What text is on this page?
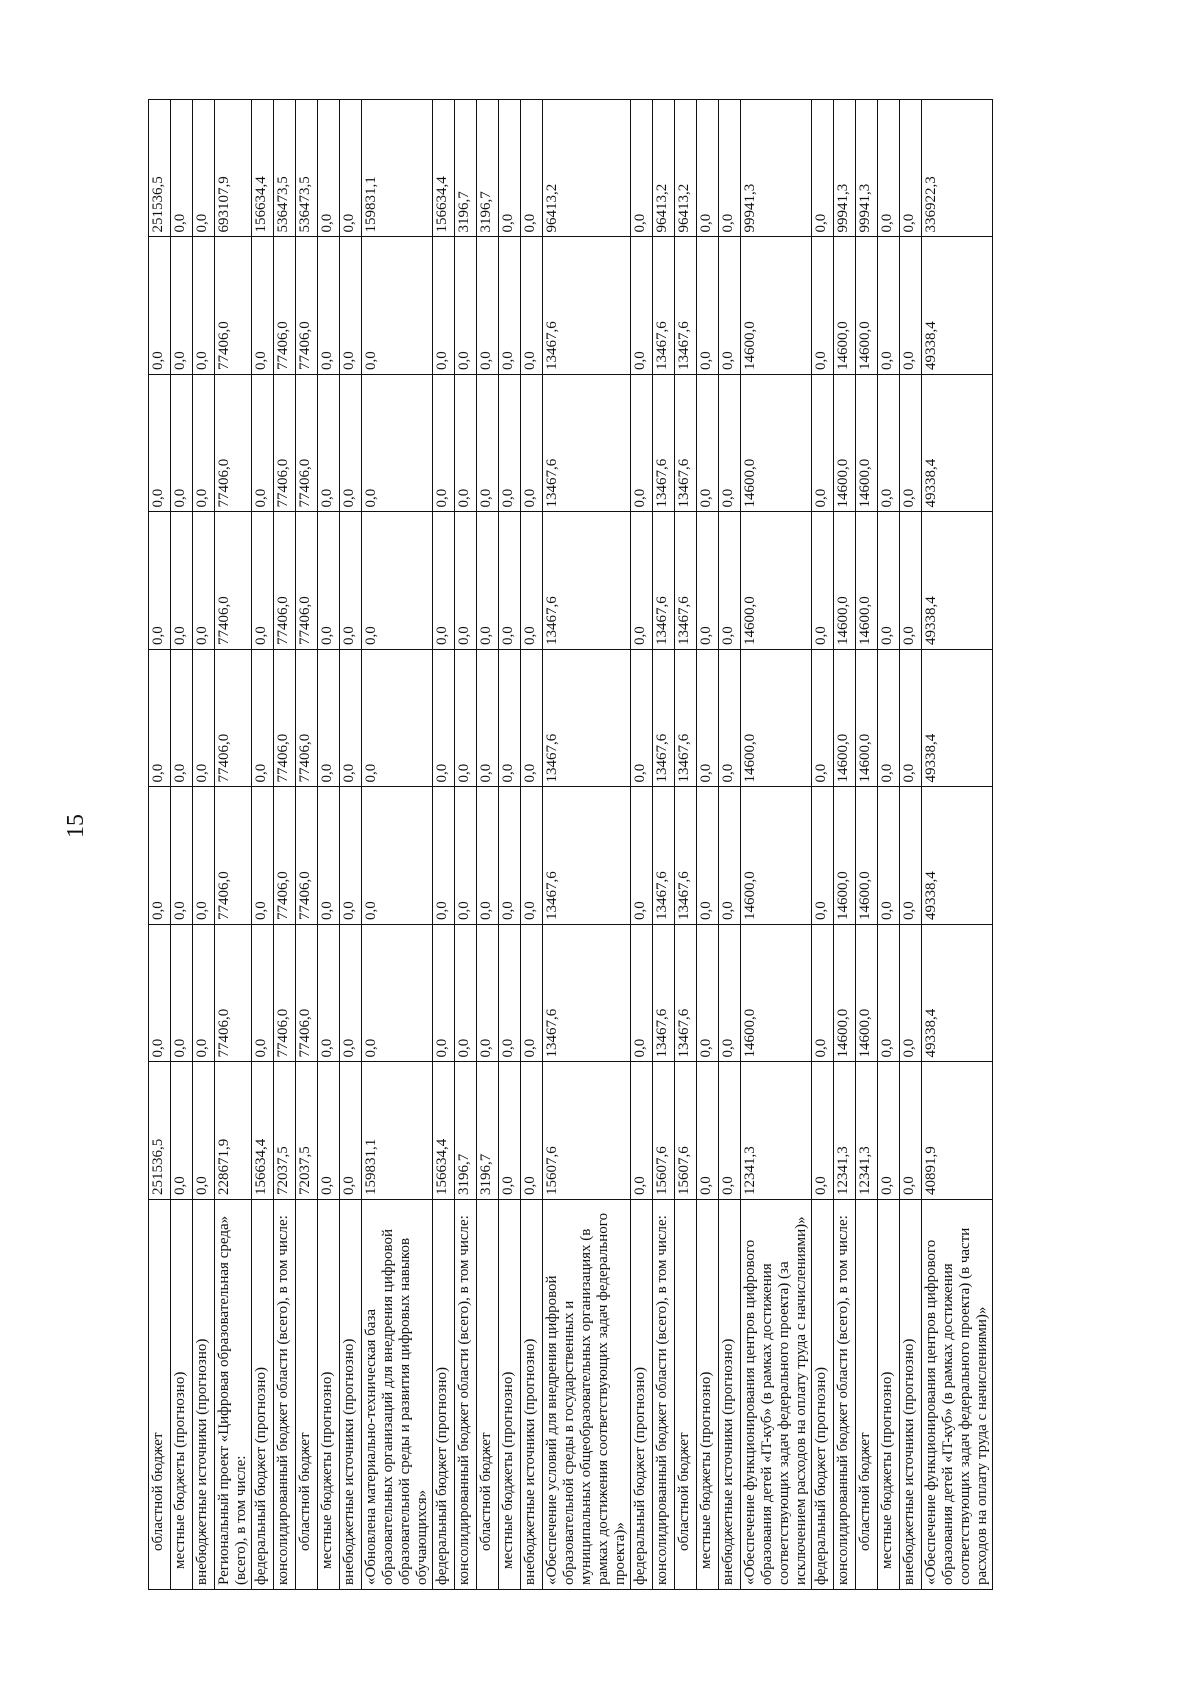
15
областной бюджет	251536,5	0,0	0,0	0,0	0,0	0,0	0,0	251536,5
местные бюджеты (прогнозно)	0,0	0,0	0,0	0,0	0,0	0,0	0,0	0,0
внебюджетные источники (прогнозно)	0,0	0,0	0,0	0,0	0,0	0,0	0,0	0,0
Региональный проект «Цифровая образовательная среда» (всего), в том числе:	228671,9	77406,0	77406,0	77406,0	77406,0	77406,0	77406,0	693107,9
федеральный бюджет (прогнозно)	156634,4	0,0	0,0	0,0	0,0	0,0	0,0	156634,4
консолидированный бюджет области (всего), в том числе:	72037,5	77406,0	77406,0	77406,0	77406,0	77406,0	77406,0	536473,5
областной бюджет	72037,5	77406,0	77406,0	77406,0	77406,0	77406,0	77406,0	536473,5
местные бюджеты (прогнозно)	0,0	0,0	0,0	0,0	0,0	0,0	0,0	0,0
внебюджетные источники (прогнозно)	0,0	0,0	0,0	0,0	0,0	0,0	0,0	0,0
«Обновлена материально-техническая база образовательных организаций для внедрения цифровой образовательной среды и развития цифровых навыков обучающихся»	159831,1	0,0	0,0	0,0	0,0	0,0	0,0	159831,1
федеральный бюджет (прогнозно)	156634,4	0,0	0,0	0,0	0,0	0,0	0,0	156634,4
консолидированный бюджет области (всего), в том числе:	3196,7	0,0	0,0	0,0	0,0	0,0	0,0	3196,7
областной бюджет	3196,7	0,0	0,0	0,0	0,0	0,0	0,0	3196,7
местные бюджеты (прогнозно)	0,0	0,0	0,0	0,0	0,0	0,0	0,0	0,0
внебюджетные источники (прогнозно)	0,0	0,0	0,0	0,0	0,0	0,0	0,0	0,0
«Обеспечение условий для внедрения цифровой образовательной среды в государственных и муниципальных общеобразовательных организациях (в рамках достижения соответствующих задач федерального проекта)»	15607,6	13467,6	13467,6	13467,6	13467,6	13467,6	13467,6	96413,2
федеральный бюджет (прогнозно)	0,0	0,0	0,0	0,0	0,0	0,0	0,0	0,0
консолидированный бюджет области (всего), в том числе:	15607,6	13467,6	13467,6	13467,6	13467,6	13467,6	13467,6	96413,2
областной бюджет	15607,6	13467,6	13467,6	13467,6	13467,6	13467,6	13467,6	96413,2
местные бюджеты (прогнозно)	0,0	0,0	0,0	0,0	0,0	0,0	0,0	0,0
внебюджетные источники (прогнозно)	0,0	0,0	0,0	0,0	0,0	0,0	0,0	0,0
«Обеспечение функционирования центров цифрового образования детей «IT-куб» (в рамках достижения соответствующих задач федерального проекта) (за исключением расходов на оплату труда с начислениями)»	12341,3	14600,0	14600,0	14600,0	14600,0	14600,0	14600,0	99941,3
федеральный бюджет (прогнозно)	0,0	0,0	0,0	0,0	0,0	0,0	0,0	0,0
консолидированный бюджет области (всего), в том числе:	12341,3	14600,0	14600,0	14600,0	14600,0	14600,0	14600,0	99941,3
областной бюджет	12341,3	14600,0	14600,0	14600,0	14600,0	14600,0	14600,0	99941,3
местные бюджеты (прогнозно)	0,0	0,0	0,0	0,0	0,0	0,0	0,0	0,0
внебюджетные источники (прогнозно)	0,0	0,0	0,0	0,0	0,0	0,0	0,0	0,0
«Обеспечение функционирования центров цифрового образования детей «IT-куб» (в рамках достижения соответствующих задач федерального проекта) (в части расходов на оплату труда с начислениями)»	40891,9	49338,4	49338,4	49338,4	49338,4	49338,4	49338,4	336922,3
